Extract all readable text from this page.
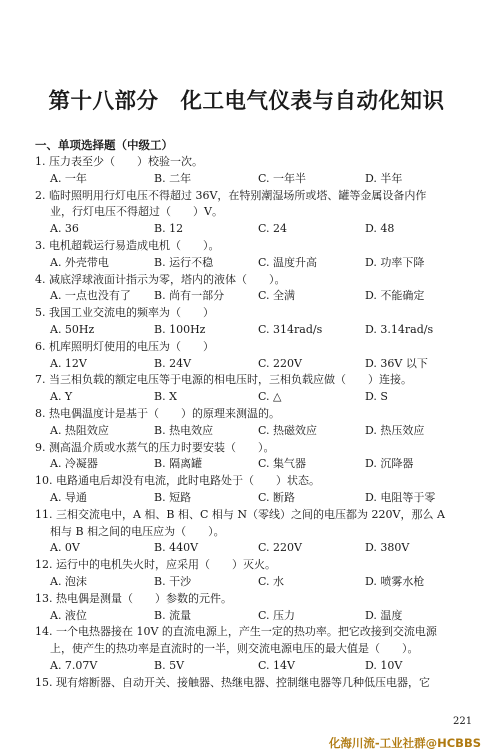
第十八部分　化工电气仪表与自动化知识
一、单项选择题（中级工）
1. 压力表至少（　　）校验一次。
A. 一年	B. 二年	C. 一年半	D. 半年
2. 临时照明用行灯电压不得超过 36V，在特别潮湿场所或塔、罐等金属设备内作
业，行灯电压不得超过（　　）V。
A. 36	B. 12	C. 24	D. 48
3. 电机超载运行易造成电机（　　）。
A. 外壳带电	B. 运行不稳	C. 温度升高	D. 功率下降
4. 减底浮球液面计指示为零，塔内的液体（　　）。
A. 一点也没有了	B. 尚有一部分	C. 全满	D. 不能确定
5. 我国工业交流电的频率为（　　）
A. 50Hz	B. 100Hz	C. 314rad/s	D. 3.14rad/s
6. 机库照明灯使用的电压为（　　）
A. 12V	B. 24V	C. 220V	D. 36V 以下
7. 当三相负载的额定电压等于电源的相电压时，三相负载应做（　　）连接。
A. Y	B. X	C. △	D. S
8. 热电偶温度计是基于（　　）的原理来测温的。
A. 热阻效应	B. 热电效应	C. 热磁效应	D. 热压效应
9. 测高温介质或水蒸气的压力时要安装（　　）。
A. 冷凝器	B. 隔离罐	C. 集气器	D. 沉降器
10. 电路通电后却没有电流，此时电路处于（　　）状态。
A. 导通	B. 短路	C. 断路	D. 电阻等于零
11. 三相交流电中，A 相、B 相、C 相与 N（零线）之间的电压都为 220V，那么 A
相与 B 相之间的电压应为（　　）。
A. 0V	B. 440V	C. 220V	D. 380V
12. 运行中的电机失火时，应采用（　　）灭火。
A. 泡沫	B. 干沙	C. 水	D. 喷雾水枪
13. 热电偶是测量（　　）参数的元件。
A. 液位	B. 流量	C. 压力	D. 温度
14. 一个电热器接在 10V 的直流电源上，产生一定的热功率。把它改接到交流电源
上，使产生的热功率是直流时的一半，则交流电源电压的最大值是（　　）。
A. 7.07V	B. 5V	C. 14V	D. 10V
15. 现有熔断器、自动开关、接触器、热继电器、控制继电器等几种低压电器，它
221
化海川流-工业社群@HCBBS
